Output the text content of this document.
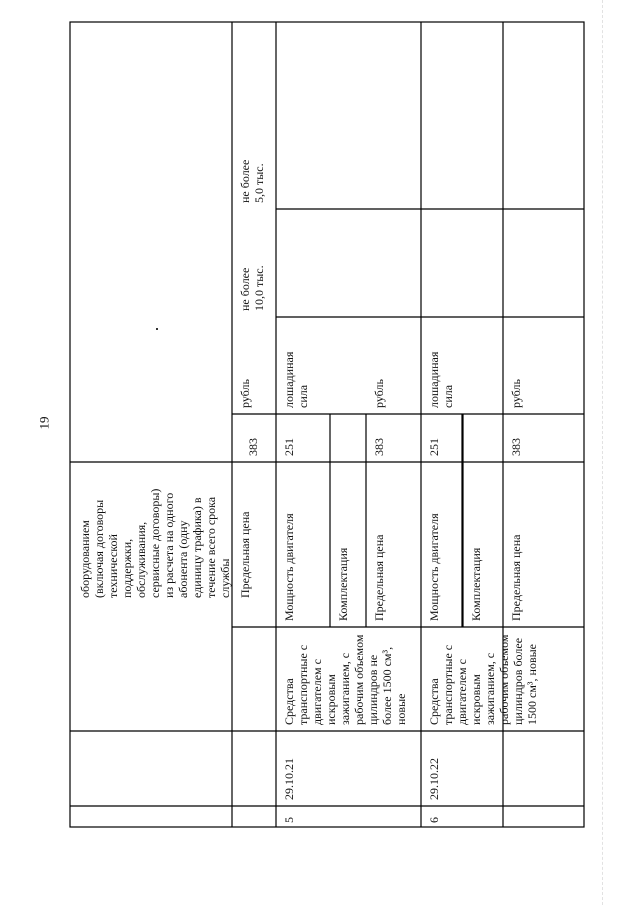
19
оборудованием (включая договоры технической поддержки, обслуживания, сервисные договоры) из расчета на одного абонента (одну единицу трафика) в течение всего срока службы Предельная цена
383
рубль
не более 10,0 тыс.
не более 5,0 тыс.
5
29.10.21
Средства транспортные с двигателем с искровым зажиганием, с рабочим объемом цилиндров не более 1500 см³, новые
Мощность двигателя
251
лошадиная сила
Комплектация Предельная цена
383
рубль
6
29.10.22
Средства транспортные с двигателем с искровым зажиганием, с рабочим объемом цилиндров более 1500 см³, новые
Мощность двигателя
251
лошадиная сила
Комплектация Предельная цена
383
рубль
